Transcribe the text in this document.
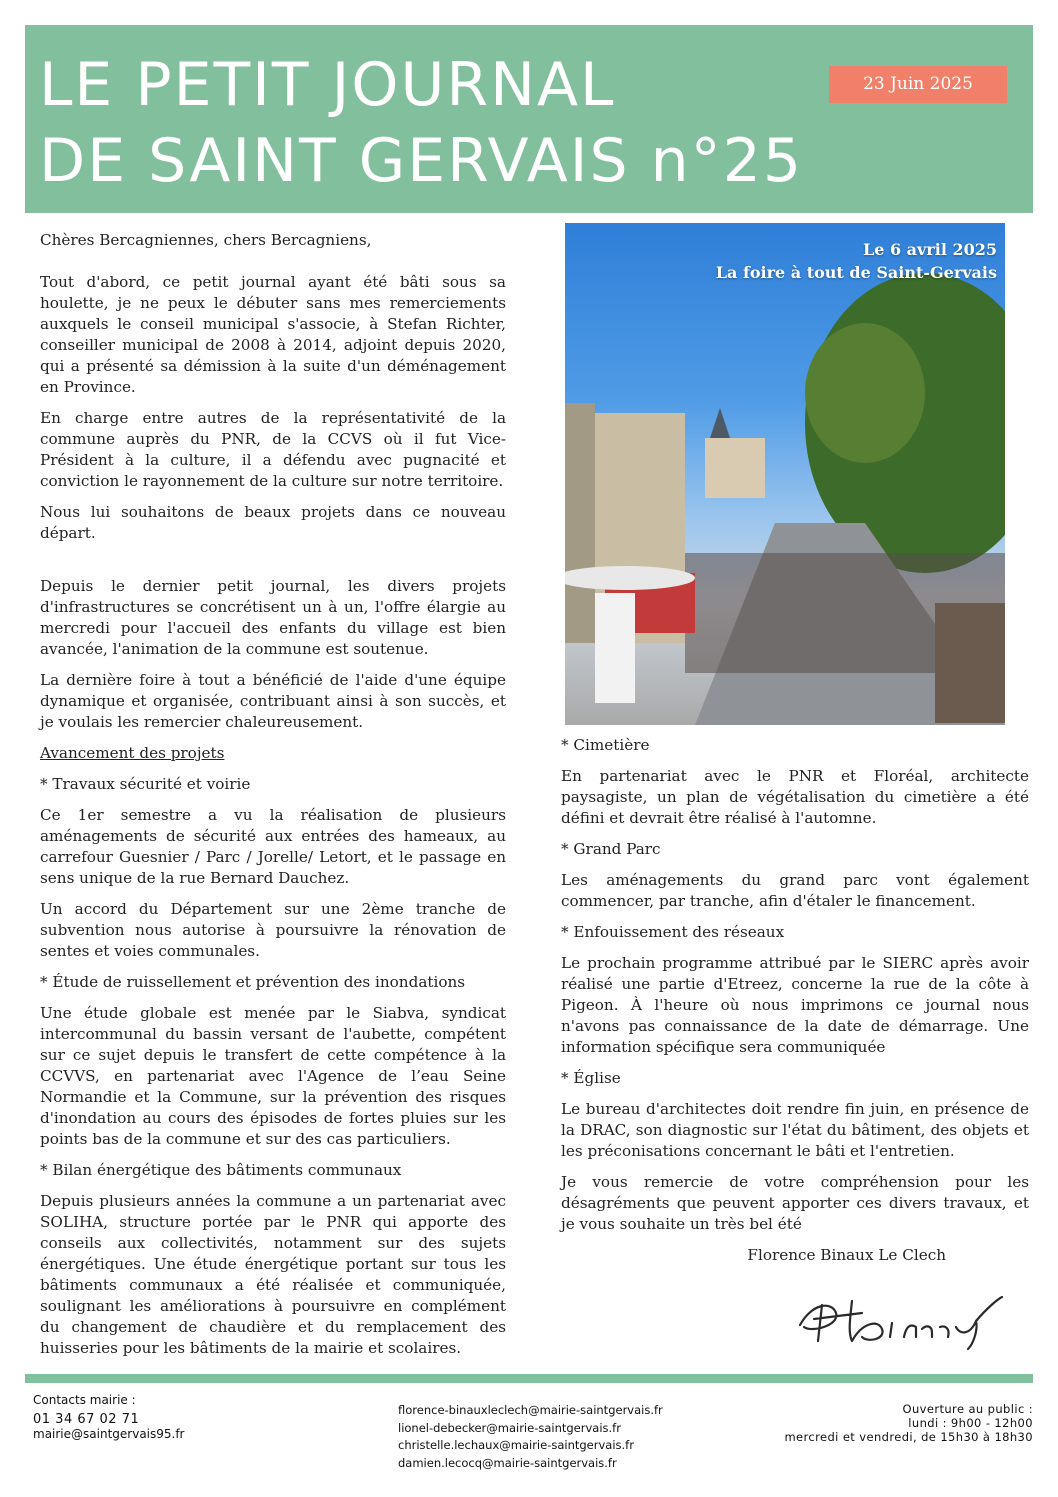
LE PETIT JOURNAL
DE SAINT GERVAIS n°25
23 Juin 2025

Chères Bercagniennes, chers Bercagniens,

Tout d'abord, ce petit journal ayant été bâti sous sa houlette, je ne peux le débuter sans mes remerciements auxquels le conseil municipal s'associe, à Stefan Richter, conseiller municipal de 2008 à 2014, adjoint depuis 2020, qui a présenté sa démission à la suite d'un déménagement en Province.

En charge entre autres de la représentativité de la commune auprès du PNR, de la CCVS où il fut Vice-Président à la culture, il a défendu avec pugnacité et conviction le rayonnement de la culture sur notre territoire.

Nous lui souhaitons de beaux projets dans ce nouveau départ.

Depuis le dernier petit journal, les divers projets d'infrastructures se concrétisent un à un, l'offre élargie au mercredi pour l'accueil des enfants du village est bien avancée, l'animation de la commune est soutenue.

La dernière foire à tout a bénéficié de l'aide d'une équipe dynamique et organisée, contribuant ainsi à son succès, et je voulais les remercier chaleureusement.

Avancement des projets

* Travaux sécurité et voirie

Ce 1er semestre a vu la réalisation de plusieurs aménagements de sécurité aux entrées des hameaux, au carrefour Guesnier / Parc / Jorelle/ Letort, et le passage en sens unique de la rue Bernard Dauchez.

Un accord du Département sur une 2ème tranche de subvention nous autorise à poursuivre la rénovation de sentes et voies communales.

* Étude de ruissellement et prévention des inondations

Une étude globale est menée par le Siabva, syndicat intercommunal du bassin versant de l'aubette, compétent sur ce sujet depuis le transfert de cette compétence à la CCVVS, en partenariat avec l'Agence de l’eau Seine Normandie et la Commune, sur la prévention des risques d'inondation au cours des épisodes de fortes pluies sur les points bas de la commune et sur des cas particuliers.

* Bilan énergétique des bâtiments communaux

Depuis plusieurs années la commune a un partenariat avec SOLIHA, structure portée par le PNR qui apporte des conseils aux collectivités, notamment sur des sujets énergétiques. Une étude énergétique portant sur tous les bâtiments communaux a été réalisée et communiquée, soulignant les améliorations à poursuivre en complément du changement de chaudière et du remplacement des huisseries pour les bâtiments de la mairie et scolaires.

Le 6 avril 2025
La foire à tout de Saint-Gervais

* Cimetière

En partenariat avec le PNR et Floréal, architecte paysagiste, un plan de végétalisation du cimetière a été défini et devrait être réalisé à l'automne.

* Grand Parc

Les aménagements du grand parc vont également commencer, par tranche, afin d'étaler le financement.

* Enfouissement des réseaux

Le prochain programme attribué par le SIERC après avoir réalisé une partie d'Etreez, concerne la rue de la côte à Pigeon. À l'heure où nous imprimons ce journal nous n'avons pas connaissance de la date de démarrage. Une information spécifique sera communiquée

* Église

Le bureau d'architectes doit rendre fin juin, en présence de la DRAC, son diagnostic sur l'état du bâtiment, des objets et les préconisations concernant le bâti et l'entretien.

Je vous remercie de votre compréhension pour les désagréments que peuvent apporter ces divers travaux, et je vous souhaite un très bel été

Florence Binaux Le Clech

Contacts mairie :
01 34 67 02 71
mairie@saintgervais95.fr
florence-binauxleclech@mairie-saintgervais.fr
lionel-debecker@mairie-saintgervais.fr
christelle.lechaux@mairie-saintgervais.fr
damien.lecocq@mairie-saintgervais.fr
Ouverture au public :
lundi : 9h00 - 12h00
mercredi et vendredi, de 15h30 à 18h30
